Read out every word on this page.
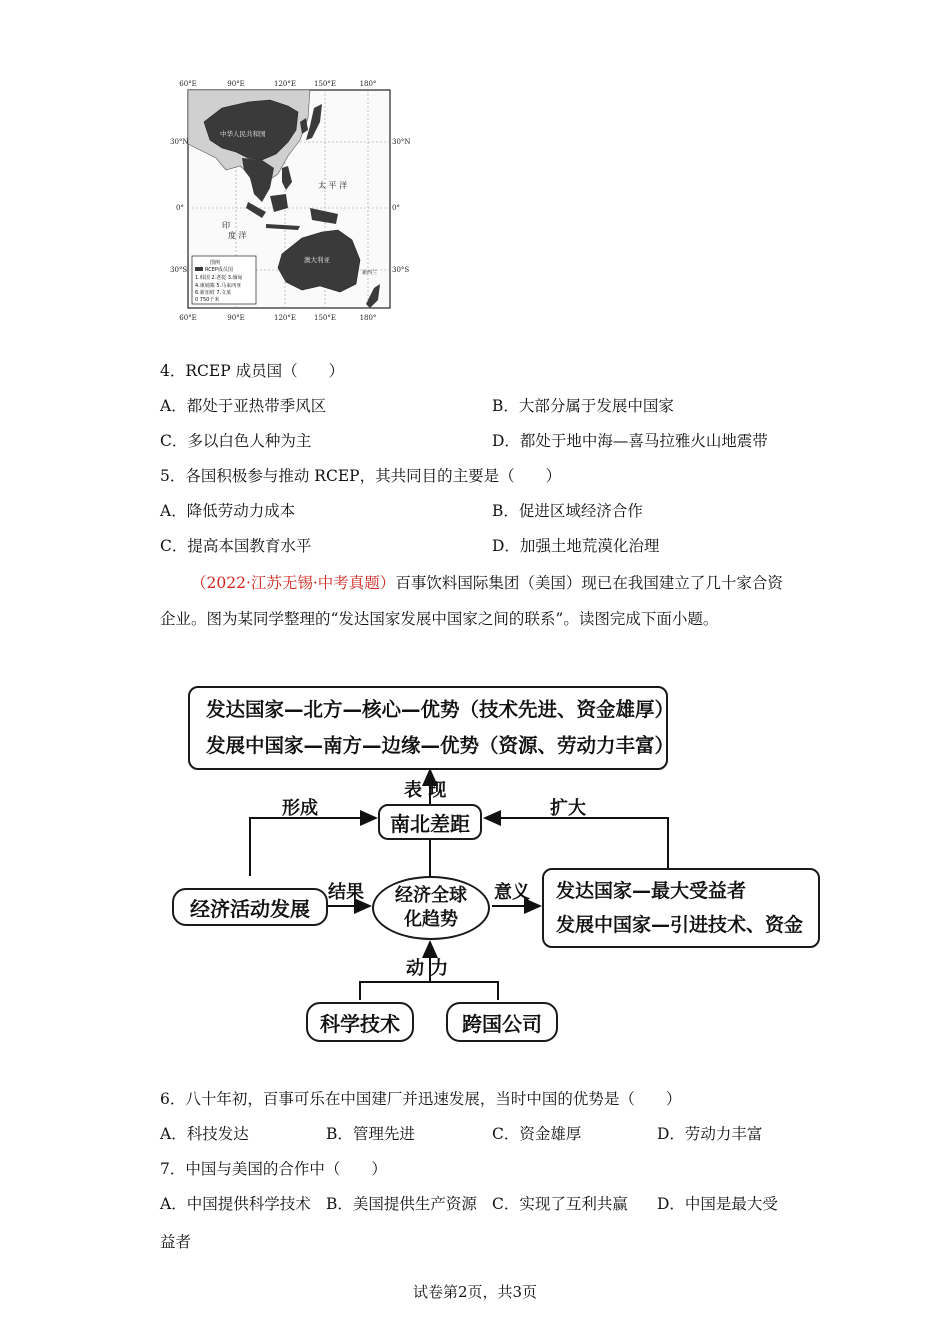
60°E	90°E	120°E	150°E	180°
60°E	90°E	120°E	150°E	180°
30°N
0°
30°S
30°N
0°
30°S
中华人民共和国
太 平 洋
印
度 洋
澳大利亚
新西兰
图例
RCEP成员国
1.韩国 2.老挝 3.缅甸
4.柬埔寨 5.马来西亚
6.新加坡 7.文莱
0 750千米
4．RCEP 成员国（　　）
A．都处于亚热带季风区	B．大部分属于发展中国家
C．多以白色人种为主	D．都处于地中海—喜马拉雅火山地震带
5．各国积极参与推动 RCEP，其共同目的主要是（　　）
A．降低劳动力成本	B．促进区域经济合作
C．提高本国教育水平	D．加强土地荒漠化治理
（2022·江苏无锡·中考真题）百事饮料国际集团（美国）现已在我国建立了几十家合资企业。图为某同学整理的“发达国家发展中国家之间的联系”。读图完成下面小题。
发达国家—北方—核心—优势（技术先进、资金雄厚）
发展中国家—南方—边缘—优势（资源、劳动力丰富）
表 现
形成	扩大
南北差距
经济活动发展
结果 经济全球
化趋势
意义 发达国家—最大受益者
发展中国家—引进技术、资金
动 力
科学技术	跨国公司
6．八十年初，百事可乐在中国建厂并迅速发展，当时中国的优势是（　　）
A．科技发达	B．管理先进	C．资金雄厚	D．劳动力丰富
7．中国与美国的合作中（　　）
A．中国提供科学技术 B．美国提供生产资源 C．实现了互利共赢 D．中国是最大受
益者
试卷第2页，共3页
